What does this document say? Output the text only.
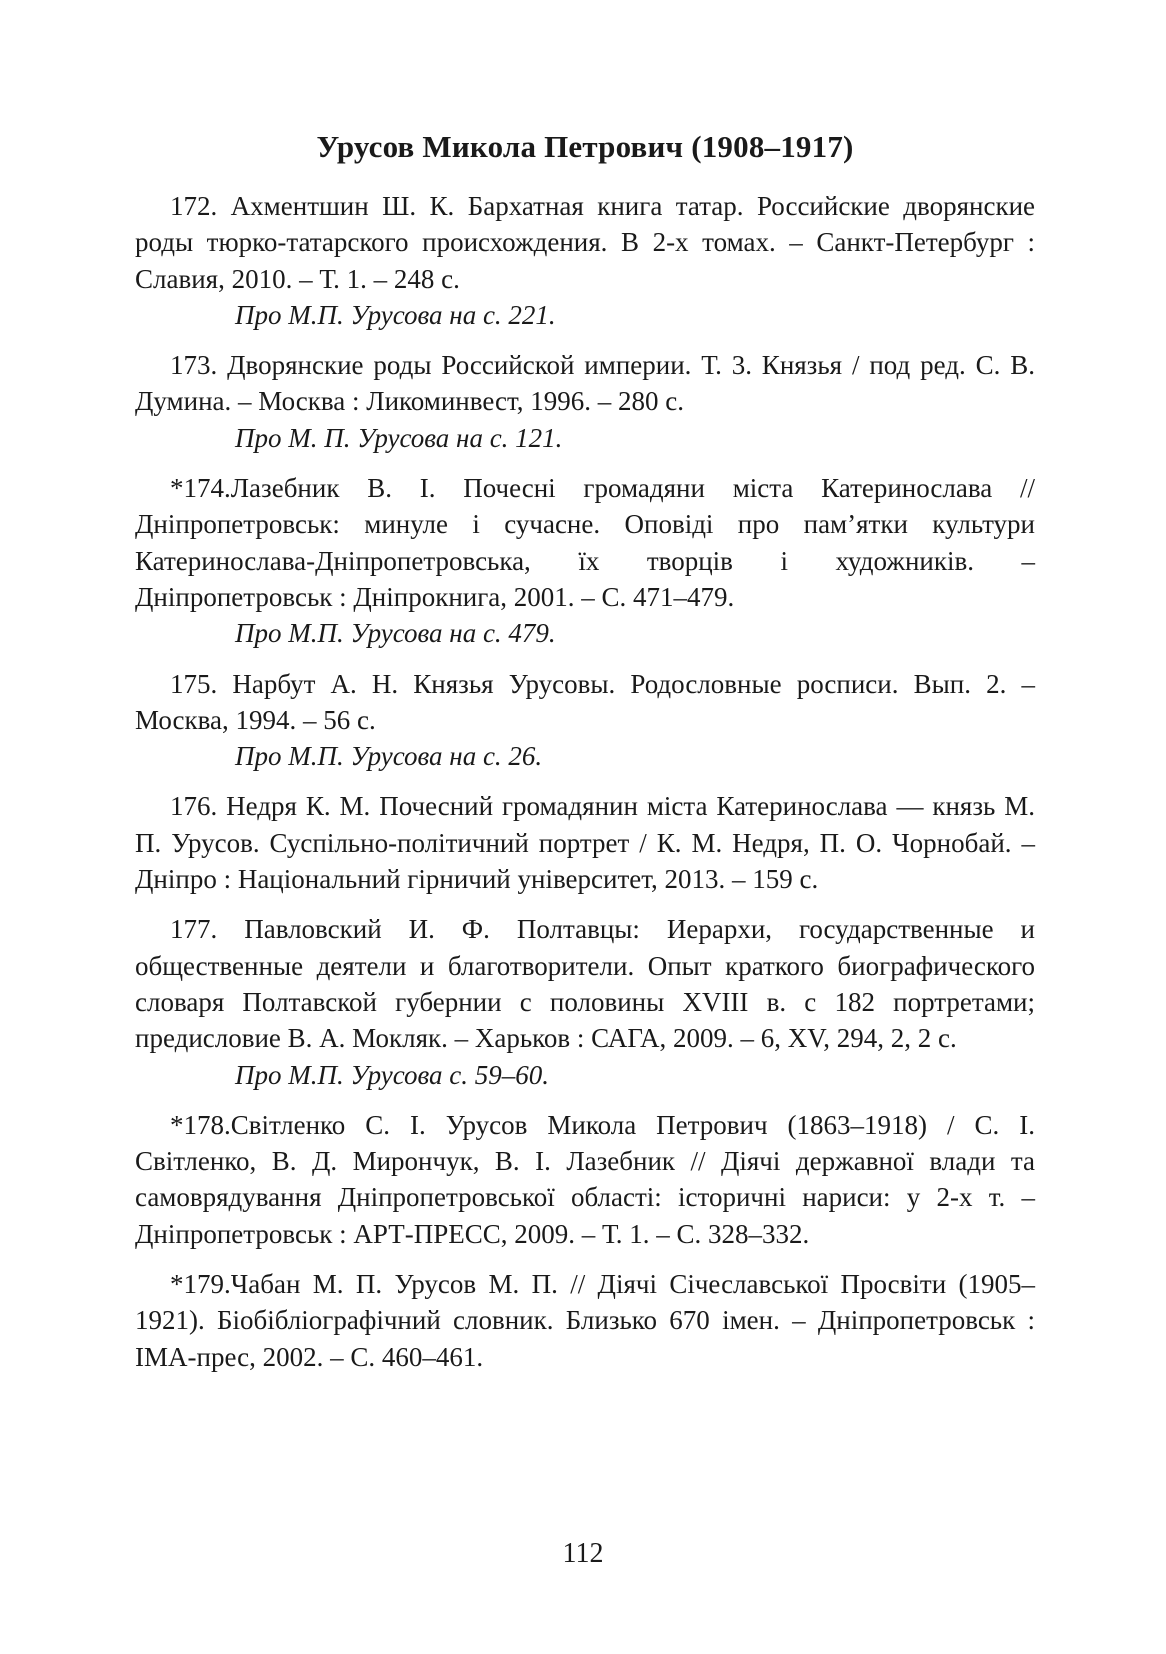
Урусов Микола Петрович (1908–1917)

172. Ахментшин Ш. К. Бархатная книга татар. Российские дворянские роды тюрко-татарского происхождения. В 2-х томах. – Санкт-Петербург : Славия, 2010. – Т. 1. – 248 с.

Про М.П. Урусова на с. 221.

173. Дворянские роды Российской империи. Т. 3. Князья / под ред. С. В. Думина. – Москва : Ликоминвест, 1996. – 280 с.

Про М. П. Урусова на с. 121.

*174.Лазебник В. І. Почесні громадяни міста Катеринослава // Дніпропетровськ: минуле і сучасне. Оповіді про пам’ятки культури Катеринослава-Дніпропетровська, їх творців і художників. – Дніпропетровськ : Дніпрокнига, 2001. – С. 471–479.

Про М.П. Урусова на с. 479.

175. Нарбут А. Н. Князья Урусовы. Родословные росписи. Вып. 2. – Москва, 1994. – 56 с.

Про М.П. Урусова на с. 26.

176. Недря К. М. Почесний громадянин міста Катеринослава — князь М. П. Урусов. Суспільно-політичний портрет / К. М. Недря, П. О. Чорнобай. – Дніпро : Національний гірничий університет, 2013. – 159 с.

177. Павловский И. Ф. Полтавцы: Иерархи, государственные и общественные деятели и благотворители. Опыт краткого биографического словаря Полтавской губернии с половины XVIII в. с 182 портретами; предисловие В. А. Мокляк. – Харьков : САГА, 2009. – 6, XV, 294, 2, 2 с.

Про М.П. Урусова с. 59–60.

*178.Світленко С. І. Урусов Микола Петрович (1863–1918) / С. І. Світленко, В. Д. Мирончук, В. І. Лазебник // Діячі державної влади та самоврядування Дніпропетровської області: історичні нариси: у 2-х т. – Дніпропетровськ : АРТ-ПРЕСС, 2009. – Т. 1. – С. 328–332.

*179.Чабан М. П. Урусов М. П. // Діячі Січеславської Просвіти (1905–1921). Біобібліографічний словник. Близько 670 імен. – Дніпропетровськ : ІМА-прес, 2002. – С. 460–461.

112
